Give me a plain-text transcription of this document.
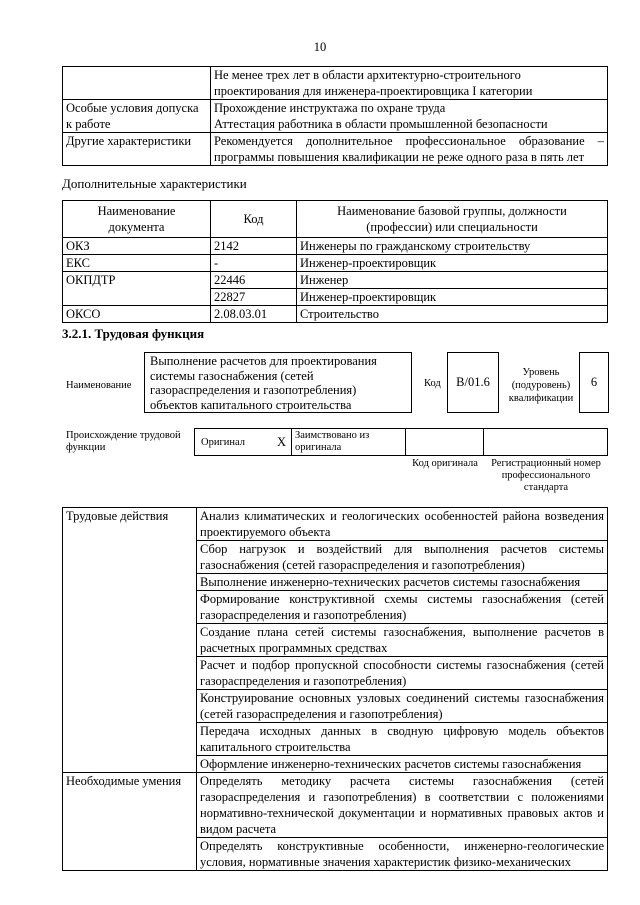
10
	Не менее трех лет в области архитектурно-строительного проектирования для инженера-проектировщика I категории
Особые условия допуска к работе	Прохождение инструктажа по охране труда
Аттестация работника в области промышленной безопасности
Другие характеристики	Рекомендуется дополнительное профессиональное образование – программы повышения квалификации не реже одного раза в пять лет
Дополнительные характеристики
Наименование документа	Код	Наименование базовой группы, должности (профессии) или специальности
ОКЗ	2142	Инженеры по гражданскому строительству
ЕКС	-	Инженер-проектировщик
ОКПДТР	22446	Инженер
	22827	Инженер-проектировщик
ОКСО	2.08.03.01	Строительство
3.2.1. Трудовая функция
Наименование
Выполнение расчетов для проектирования системы газоснабжения (сетей газораспределения и газопотребления) объектов капитального строительства
Код	B/01.6
Уровень (подуровень) квалификации
6
Происхождение трудовой функции	Оригинал	X Заимствовано из оригинала
Код оригинала	Регистрационный номер профессионального стандарта
Трудовые действия	Анализ климатических и геологических особенностей района возведения проектируемого объекта
	Сбор нагрузок и воздействий для выполнения расчетов системы газоснабжения (сетей газораспределения и газопотребления)
	Выполнение инженерно-технических расчетов системы газоснабжения
	Формирование конструктивной схемы системы газоснабжения (сетей газораспределения и газопотребления)
	Создание плана сетей системы газоснабжения, выполнение расчетов в расчетных программных средствах
	Расчет и подбор пропускной способности системы газоснабжения (сетей газораспределения и газопотребления)
	Конструирование основных узловых соединений системы газоснабжения (сетей газораспределения и газопотребления)
	Передача исходных данных в сводную цифровую модель объектов капитального строительства
	Оформление инженерно-технических расчетов системы газоснабжения
Необходимые умения	Определять методику расчета системы газоснабжения (сетей газораспределения и газопотребления) в соответствии с положениями нормативно-технической документации и нормативных правовых актов и видом расчета
	Определять конструктивные особенности, инженерно-геологические условия, нормативные значения характеристик физико-механических
